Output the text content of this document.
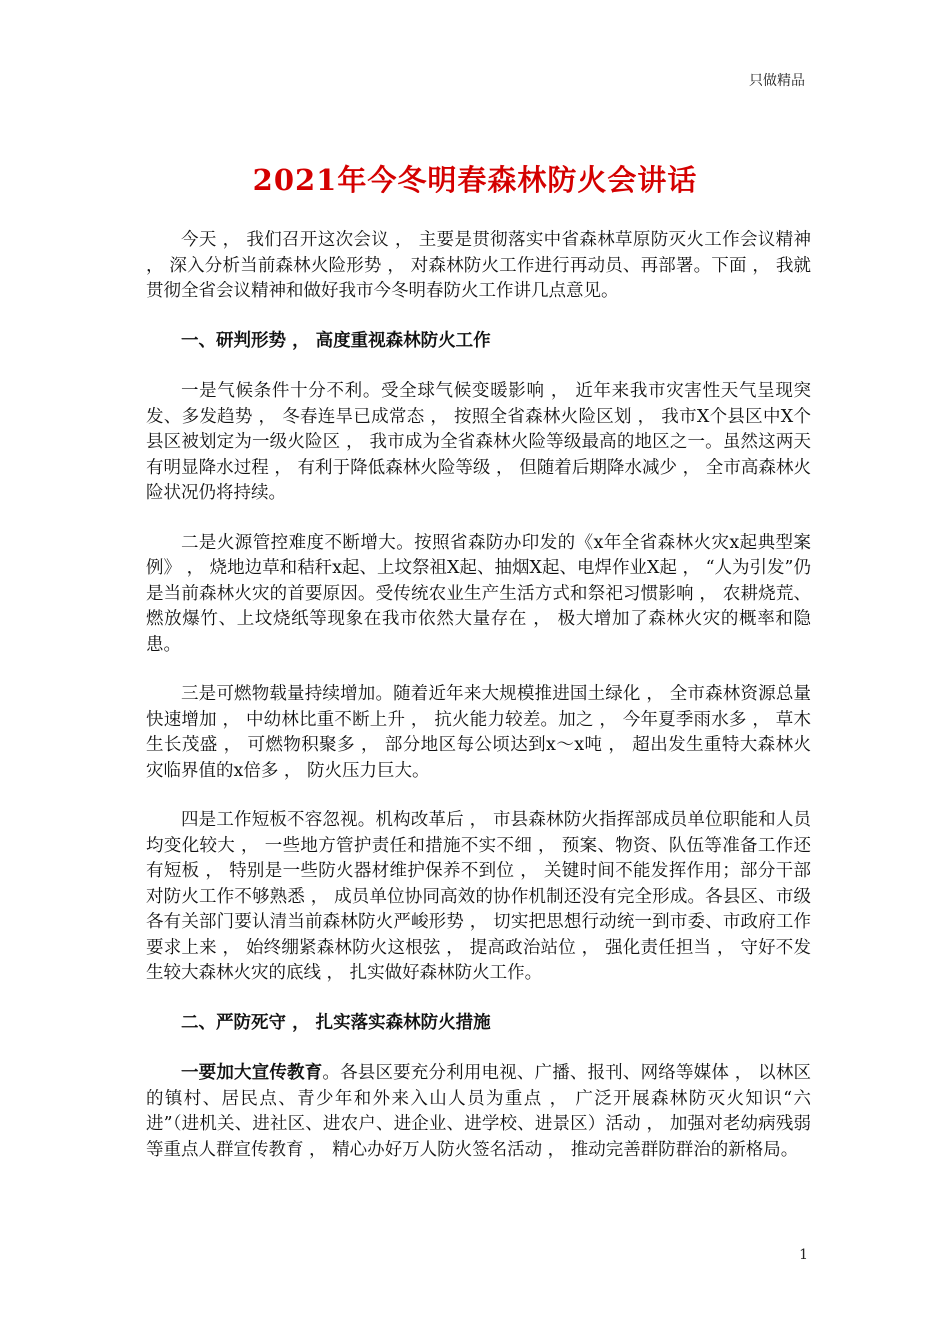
只做精品
2021年今冬明春森林防火会讲话

今天 ， 我们召开这次会议 ， 主要是贯彻落实中省森林草原防灭火工作会议精神 ， 深入分析当前森林火险形势 ， 对森林防火工作进行再动员、再部署。下面 ， 我就贯彻全省会议精神和做好我市今冬明春防火工作讲几点意见。

一、研判形势 ， 高度重视森林防火工作

一是气候条件十分不利。受全球气候变暖影响 ， 近年来我市灾害性天气呈现突发、多发趋势 ， 冬春连旱已成常态 ， 按照全省森林火险区划 ， 我市X个县区中X个县区被划定为一级火险区 ， 我市成为全省森林火险等级最高的地区之一。虽然这两天有明显降水过程 ， 有利于降低森林火险等级 ， 但随着后期降水减少 ， 全市高森林火险状况仍将持续。

二是火源管控难度不断增大。按照省森防办印发的《x年全省森林火灾x起典型案例》 ， 烧地边草和秸秆x起、上坟祭祖X起、抽烟X起、电焊作业X起 ， “人为引发”仍是当前森林火灾的首要原因。受传统农业生产生活方式和祭祀习惯影响 ， 农耕烧荒、燃放爆竹、上坟烧纸等现象在我市依然大量存在 ， 极大增加了森林火灾的概率和隐患。

三是可燃物载量持续增加。随着近年来大规模推进国土绿化 ， 全市森林资源总量快速增加 ， 中幼林比重不断上升 ， 抗火能力较差。加之 ， 今年夏季雨水多 ， 草木生长茂盛 ， 可燃物积聚多 ， 部分地区每公顷达到x～x吨 ， 超出发生重特大森林火灾临界值的x倍多 ， 防火压力巨大。

四是工作短板不容忽视。机构改革后 ， 市县森林防火指挥部成员单位职能和人员均变化较大 ， 一些地方管护责任和措施不实不细 ， 预案、物资、队伍等准备工作还有短板 ， 特别是一些防火器材维护保养不到位 ， 关键时间不能发挥作用；部分干部对防火工作不够熟悉 ， 成员单位协同高效的协作机制还没有完全形成。各县区、市级各有关部门要认清当前森林防火严峻形势 ， 切实把思想行动统一到市委、市政府工作要求上来 ， 始终绷紧森林防火这根弦 ， 提高政治站位 ， 强化责任担当 ， 守好不发生较大森林火灾的底线 ， 扎实做好森林防火工作。

二、严防死守 ， 扎实落实森林防火措施

一要加大宣传教育。各县区要充分利用电视、广播、报刊、网络等媒体 ， 以林区的镇村、居民点、青少年和外来入山人员为重点 ， 广泛开展森林防灭火知识“六进”（进机关、进社区、进农户、进企业、进学校、进景区）活动 ， 加强对老幼病残弱等重点人群宣传教育 ， 精心办好万人防火签名活动 ， 推动完善群防群治的新格局。

1
